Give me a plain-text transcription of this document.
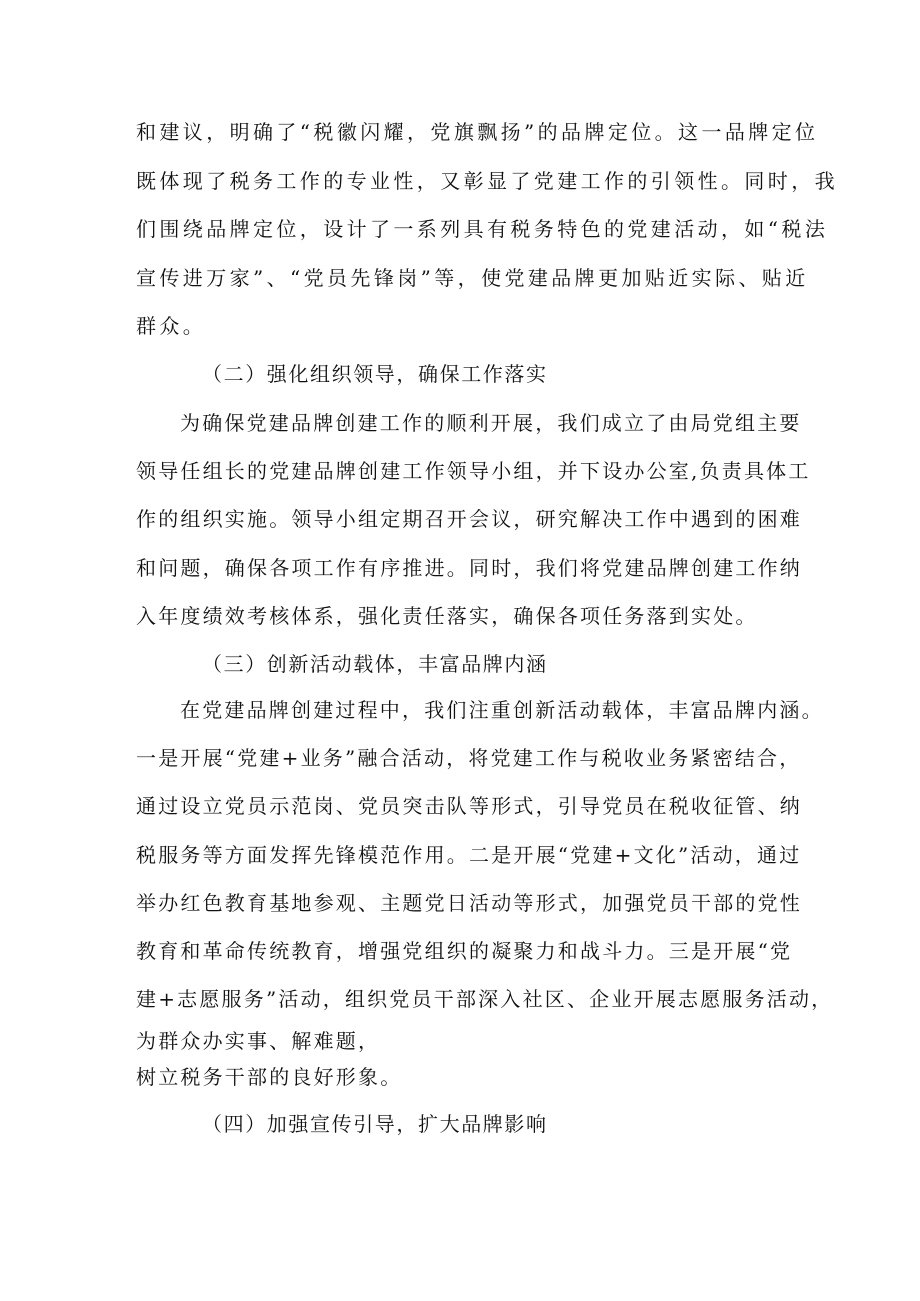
和建议，明确了“税徽闪耀，党旗飘扬”的品牌定位。这一品牌定位
既体现了税务工作的专业性，又彰显了党建工作的引领性。同时，我
们围绕品牌定位，设计了一系列具有税务特色的党建活动，如“税法
宣传进万家”、“党员先锋岗”等，使党建品牌更加贴近实际、贴近
群众。
（二）强化组织领导，确保工作落实
为确保党建品牌创建工作的顺利开展，我们成立了由局党组主要
领导任组长的党建品牌创建工作领导小组，并下设办公室,负责具体工
作的组织实施。领导小组定期召开会议，研究解决工作中遇到的困难
和问题，确保各项工作有序推进。同时，我们将党建品牌创建工作纳
入年度绩效考核体系，强化责任落实，确保各项任务落到实处。
（三）创新活动载体，丰富品牌内涵
在党建品牌创建过程中，我们注重创新活动载体，丰富品牌内涵。
一是开展“党建+业务”融合活动，将党建工作与税收业务紧密结合，
通过设立党员示范岗、党员突击队等形式，引导党员在税收征管、纳
税服务等方面发挥先锋模范作用。二是开展“党建+文化”活动，通过
举办红色教育基地参观、主题党日活动等形式，加强党员干部的党性
教育和革命传统教育，增强党组织的凝聚力和战斗力。三是开展“党
建+志愿服务”活动，组织党员干部深入社区、企业开展志愿服务活动，
为群众办实事、解难题，
树立税务干部的良好形象。
（四）加强宣传引导，扩大品牌影响
